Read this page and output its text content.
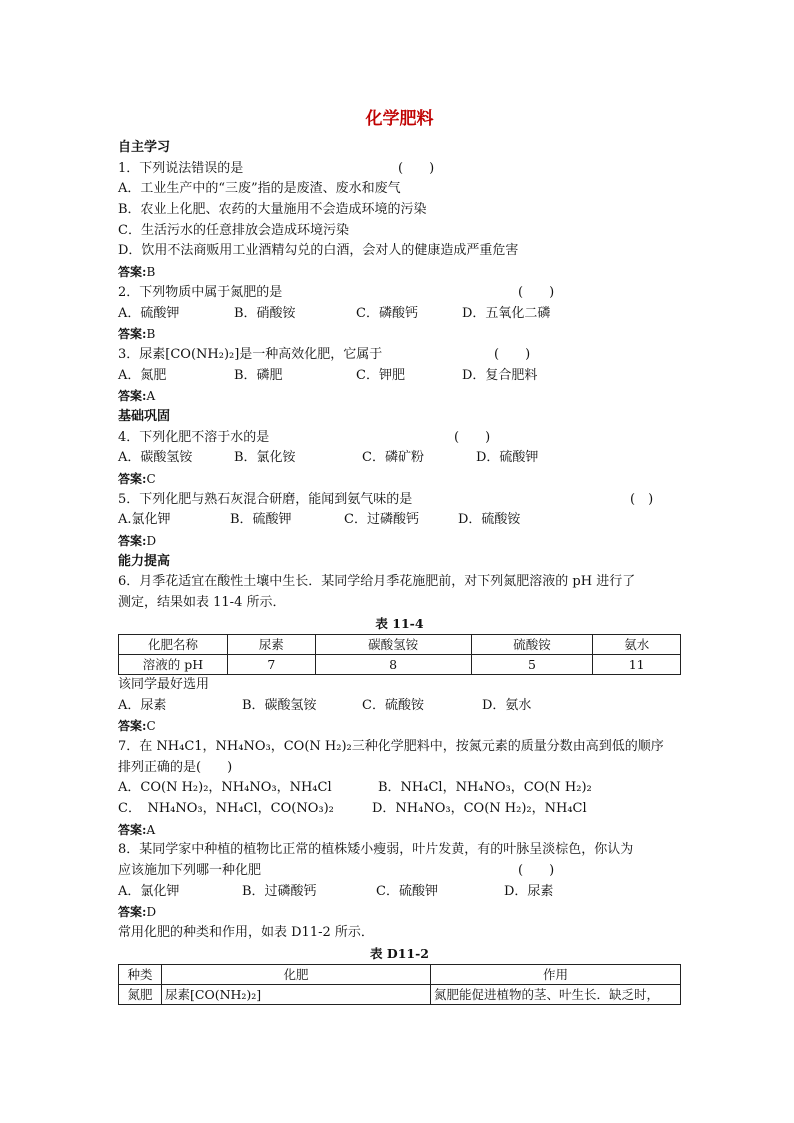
化学肥料
自主学习
1．下列说法错误的是	(　　)
A．工业生产中的“三废”指的是废渣、废水和废气
B．农业上化肥、农药的大量施用不会造成环境的污染
C．生活污水的任意排放会造成环境污染
D．饮用不法商贩用工业酒精勾兑的白酒，会对人的健康造成严重危害
答案:B
2．下列物质中属于氮肥的是	(　　)
A．硫酸钾	B．硝酸铵	C．磷酸钙	D．五氧化二磷
答案:B
3．尿素[CO(NH₂)₂]是一种高效化肥，它属于	(　　)
A．氮肥	B．磷肥	C．钾肥	D．复合肥料
答案:A
基础巩固
4．下列化肥不溶于水的是	(　　)
A．碳酸氢铵	B．氯化铵	C．磷矿粉	D．硫酸钾
答案:C
5．下列化肥与熟石灰混合研磨，能闻到氨气味的是	(　)
A.氯化钾	B．硫酸钾	C．过磷酸钙	D．硫酸铵
答案:D
能力提高
6．月季花适宜在酸性土壤中生长．某同学给月季花施肥前，对下列氮肥溶液的 pH 进行了
测定，结果如表 11-4 所示．
表 11-4
化肥名称	尿素	碳酸氢铵	硫酸铵	氨水
溶液的 pH	7	8	5	11
该同学最好选用
A．尿素	B．碳酸氢铵	C．硫酸铵	D．氨水
答案:C
7．在 NH₄C1，NH₄NO₃，CO(N H₂)₂三种化学肥料中，按氮元素的质量分数由高到低的顺序
排列正确的是(　　)
A．CO(N H₂)₂，NH₄NO₃，NH₄Cl	B．NH₄Cl，NH₄NO₃，CO(N H₂)₂
C．　NH₄NO₃，NH₄Cl，CO(NO₃)₂	D．NH₄NO₃，CO(N H₂)₂，NH₄Cl
答案:A
8．某同学家中种植的植物比正常的植株矮小瘦弱，叶片发黄，有的叶脉呈淡棕色，你认为
应该施加下列哪一种化肥	(　　)
A．氯化钾	B．过磷酸钙	C．硫酸钾	D．尿素
答案:D
常用化肥的种类和作用，如表 D11-2 所示．
表 D11-2
种类	化肥	作用
氮肥	尿素[CO(NH₂)₂]	氮肥能促进植物的茎、叶生长．缺乏时，
